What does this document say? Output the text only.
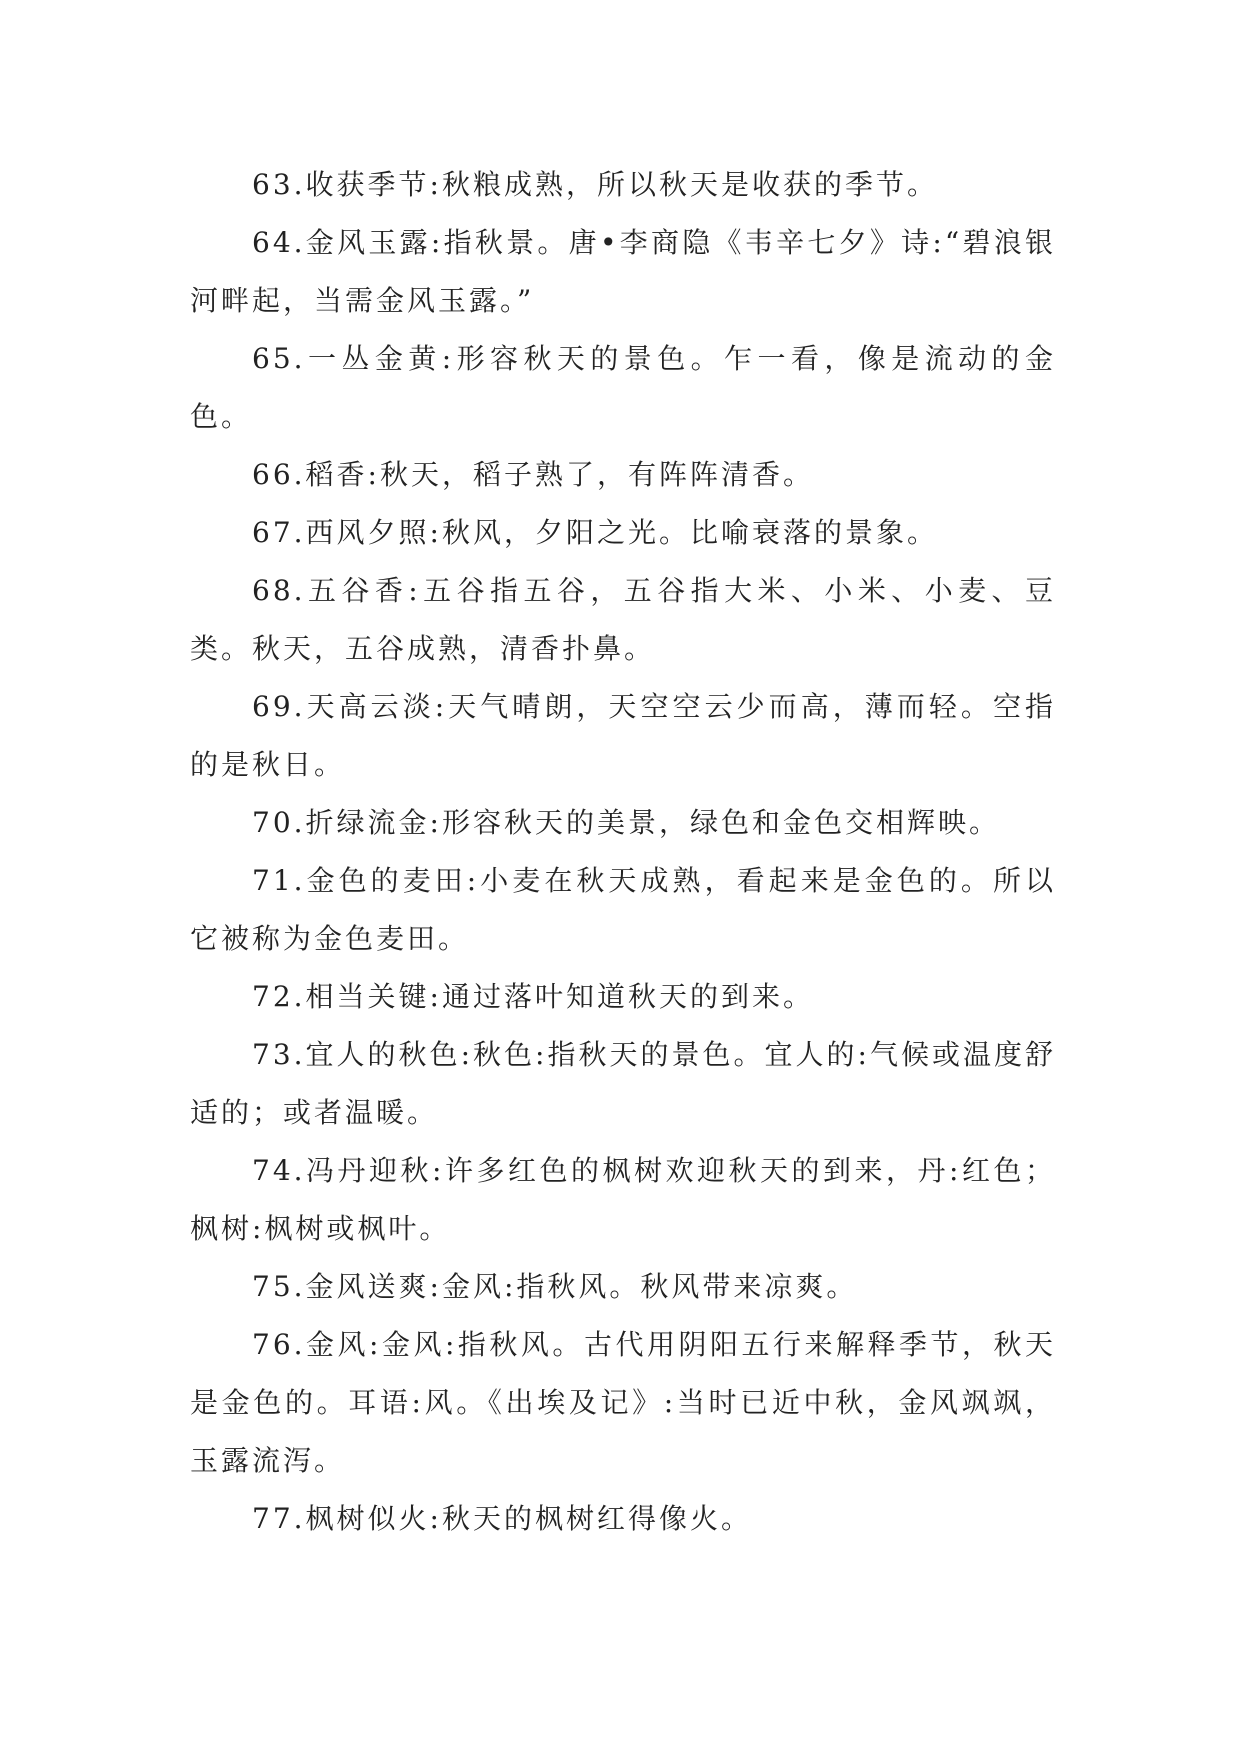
63.收获季节:秋粮成熟，所以秋天是收获的季节。

64.金风玉露:指秋景。唐•李商隐《韦辛七夕》诗:“碧浪银河畔起，当需金风玉露。”

65.一丛金黄:形容秋天的景色。乍一看，像是流动的金色。

66.稻香:秋天，稻子熟了，有阵阵清香。

67.西风夕照:秋风，夕阳之光。比喻衰落的景象。

68.五谷香:五谷指五谷，五谷指大米、小米、小麦、豆类。秋天，五谷成熟，清香扑鼻。

69.天高云淡:天气晴朗，天空空云少而高，薄而轻。空指的是秋日。

70.折绿流金:形容秋天的美景，绿色和金色交相辉映。

71.金色的麦田:小麦在秋天成熟，看起来是金色的。所以它被称为金色麦田。

72.相当关键:通过落叶知道秋天的到来。

73.宜人的秋色:秋色:指秋天的景色。宜人的:气候或温度舒适的；或者温暖。

74.冯丹迎秋:许多红色的枫树欢迎秋天的到来，丹:红色；枫树:枫树或枫叶。

75.金风送爽:金风:指秋风。秋风带来凉爽。

76.金风:金风:指秋风。古代用阴阳五行来解释季节，秋天是金色的。耳语:风。《出埃及记》:当时已近中秋，金风飒飒，玉露流泻。

77.枫树似火:秋天的枫树红得像火。
